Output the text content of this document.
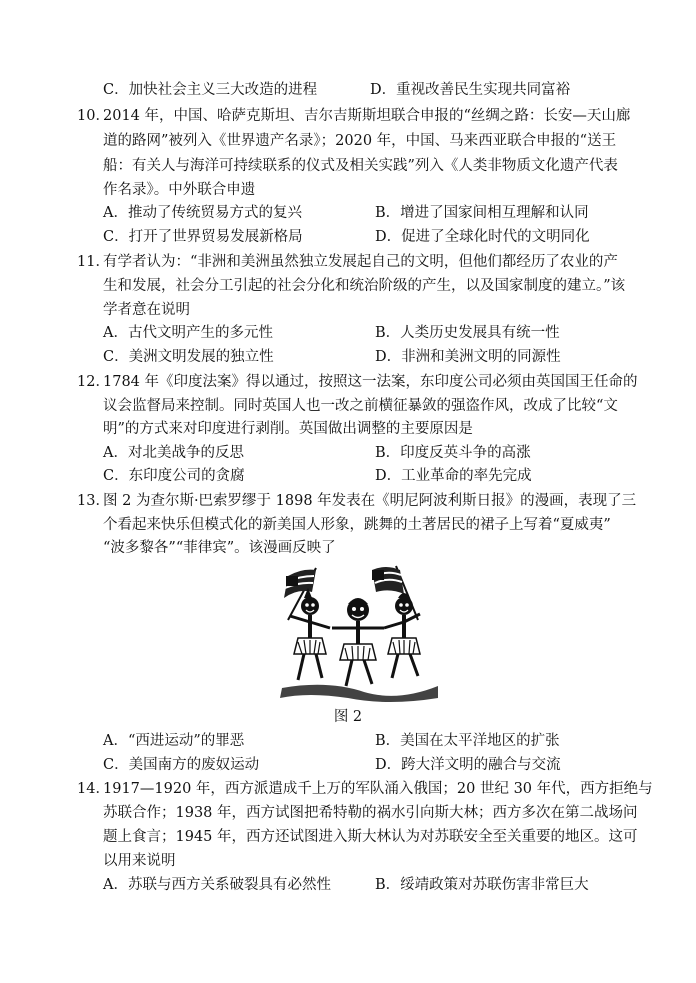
C．加快社会主义三大改造的进程	D．重视改善民生实现共同富裕
10．
2014 年，中国、哈萨克斯坦、吉尔吉斯斯坦联合申报的“丝绸之路：长安—天山廊
道的路网”被列入《世界遗产名录》；2020 年，中国、马来西亚联合申报的“送王
船：有关人与海洋可持续联系的仪式及相关实践”列入《人类非物质文化遗产代表
作名录》。中外联合申遗
A．推动了传统贸易方式的复兴	B．增进了国家间相互理解和认同
C．打开了世界贸易发展新格局	D．促进了全球化时代的文明同化
11．
有学者认为：“非洲和美洲虽然独立发展起自己的文明，但他们都经历了农业的产
生和发展，社会分工引起的社会分化和统治阶级的产生，以及国家制度的建立。”该
学者意在说明
A．古代文明产生的多元性	B．人类历史发展具有统一性
C．美洲文明发展的独立性	D．非洲和美洲文明的同源性
12．
1784 年《印度法案》得以通过，按照这一法案，东印度公司必须由英国国王任命的
议会监督局来控制。同时英国人也一改之前横征暴敛的强盗作风，改成了比较“文
明”的方式来对印度进行剥削。英国做出调整的主要原因是
A．对北美战争的反思	B．印度反英斗争的高涨
C．东印度公司的贪腐	D．工业革命的率先完成
13．
图 2 为查尔斯·巴索罗缪于 1898 年发表在《明尼阿波利斯日报》的漫画，表现了三
个看起来快乐但模式化的新美国人形象，跳舞的土著居民的裙子上写着“夏威夷”
“波多黎各”“菲律宾”。该漫画反映了
图 2
A．“西进运动”的罪恶	B．美国在太平洋地区的扩张
C．美国南方的废奴运动	D．跨大洋文明的融合与交流
14．
1917—1920 年，西方派遣成千上万的军队涌入俄国；20 世纪 30 年代，西方拒绝与
苏联合作；1938 年，西方试图把希特勒的祸水引向斯大林；西方多次在第二战场问
题上食言；1945 年，西方还试图进入斯大林认为对苏联安全至关重要的地区。这可
以用来说明
A．苏联与西方关系破裂具有必然性	B．绥靖政策对苏联伤害非常巨大
